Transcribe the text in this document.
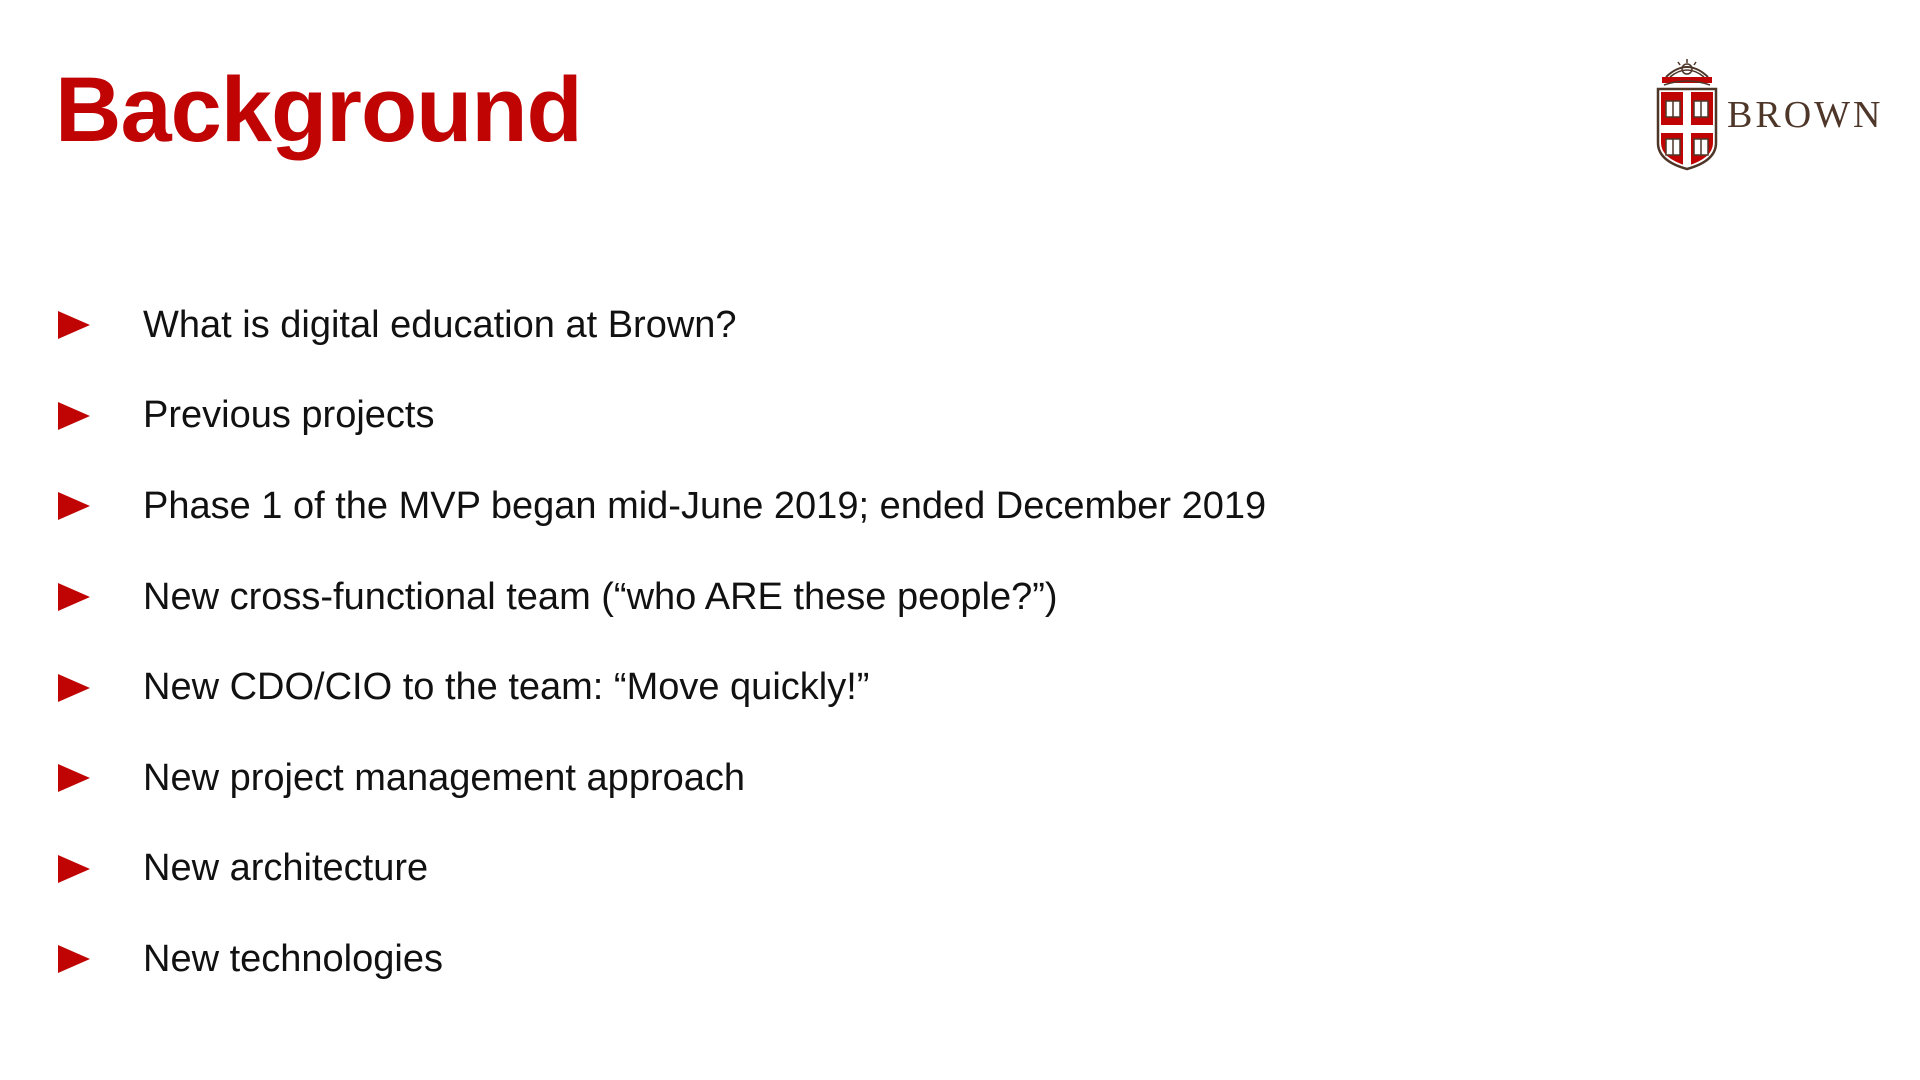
Background	BROWN
What is digital education at Brown?
Previous projects
Phase 1 of the MVP began mid-June 2019; ended December 2019
New cross-functional team (“who ARE these people?”)
New CDO/CIO to the team: “Move quickly!”
New project management approach
New architecture
New technologies
